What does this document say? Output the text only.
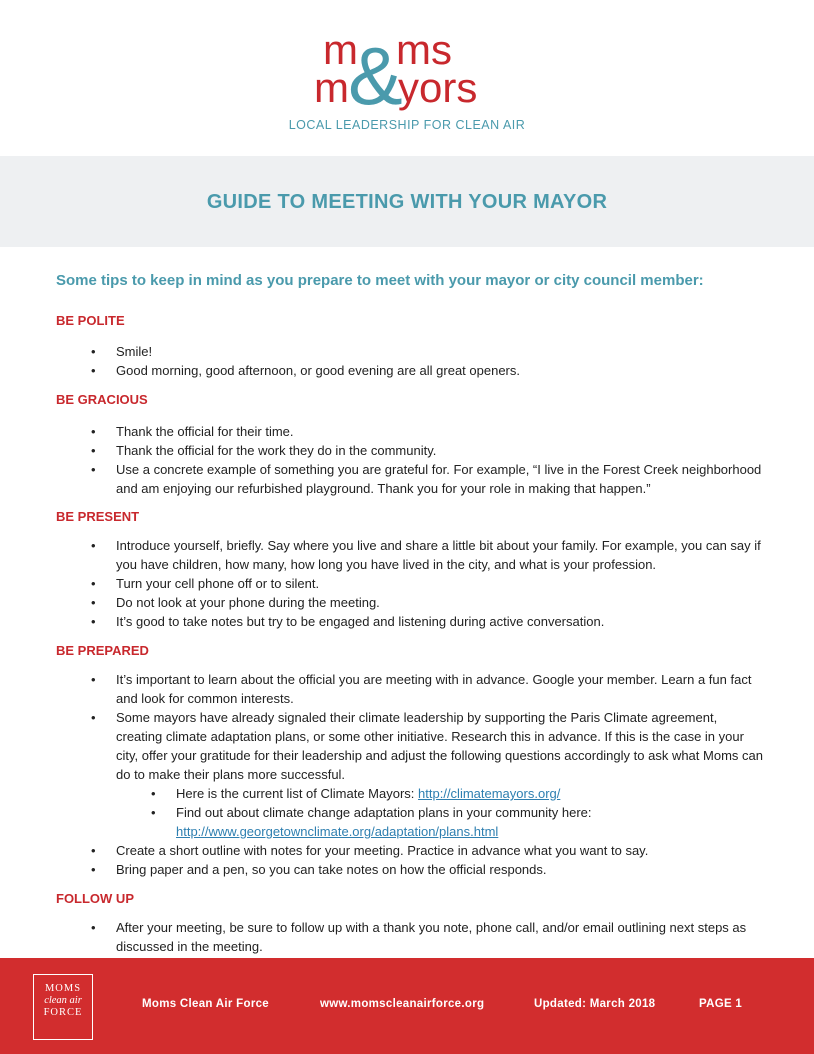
m ms
m yors
&
LOCAL LEADERSHIP FOR CLEAN AIR
GUIDE TO MEETING WITH YOUR MAYOR

Some tips to keep in mind as you prepare to meet with your mayor or city council member:

BE POLITE
• Smile!
• Good morning, good afternoon, or good evening are all great openers.
BE GRACIOUS
• Thank the official for their time.
• Thank the official for the work they do in the community.
• Use a concrete example of something you are grateful for. For example, “I live in the Forest Creek neighborhood and am enjoying our refurbished playground. Thank you for your role in making that happen.”
BE PRESENT
• Introduce yourself, briefly. Say where you live and share a little bit about your family. For example, you can say if you have children, how many, how long you have lived in the city, and what is your profession.
• Turn your cell phone off or to silent.
• Do not look at your phone during the meeting.
• It’s good to take notes but try to be engaged and listening during active conversation.
BE PREPARED
• It’s important to learn about the official you are meeting with in advance. Google your member. Learn a fun fact and look for common interests.
• Some mayors have already signaled their climate leadership by supporting the Paris Climate agreement, creating climate adaptation plans, or some other initiative. Research this in advance. If this is the case in your city, offer your gratitude for their leadership and adjust the following questions accordingly to ask what Moms can do to make their plans more successful.
• Here is the current list of Climate Mayors: http://climatemayors.org/
• Find out about climate change adaptation plans in your community here:
http://www.georgetownclimate.org/adaptation/plans.html
• Create a short outline with notes for your meeting. Practice in advance what you want to say.
• Bring paper and a pen, so you can take notes on how the official responds.
FOLLOW UP
• After your meeting, be sure to follow up with a thank you note, phone call, and/or email outlining next steps as discussed in the meeting.
MOMS
clean air
FORCE
Moms Clean Air Force	www.momscleanairforce.org	Updated: March 2018	PAGE 1
